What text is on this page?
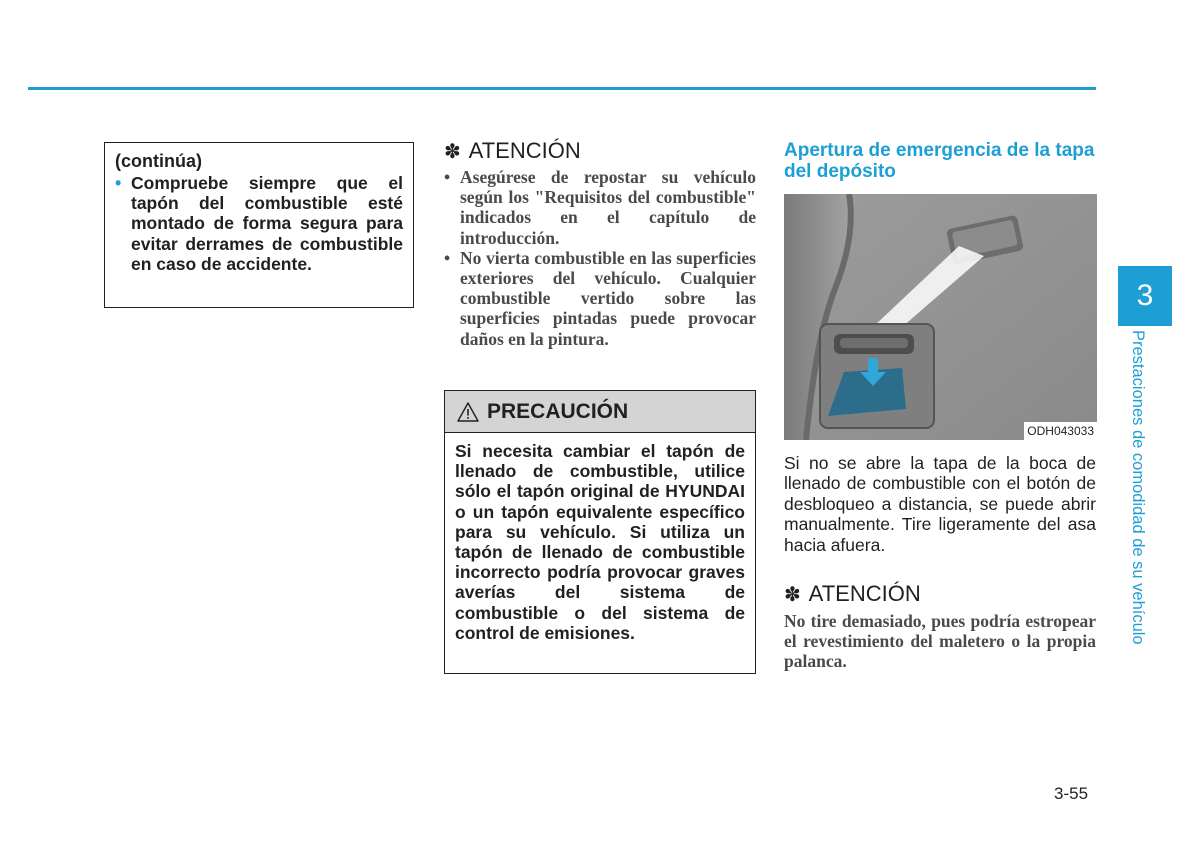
(continúa)
• Compruebe siempre que el tapón del combustible esté montado de forma segura para evitar derrames de combustible en caso de accidente.
✽ ATENCIÓN
• Asegúrese de repostar su vehículo según los "Requisitos del combustible" indicados en el capítulo de introducción.
• No vierta combustible en las superficies exteriores del vehículo. Cualquier combustible vertido sobre las superficies pintadas puede provocar daños en la pintura.
PRECAUCIÓN
Si necesita cambiar el tapón de llenado de combustible, utilice sólo el tapón original de HYUNDAI o un tapón equivalente específico para su vehículo. Si utiliza un tapón de llenado de combustible incorrecto podría provocar graves averías del sistema de combustible o del sistema de control de emisiones.
Apertura de emergencia de la tapa del depósito
ODH043033
Si no se abre la tapa de la boca de llenado de combustible con el botón de desbloqueo a distancia, se puede abrir manualmente. Tire ligeramente del asa hacia afuera.
✽ ATENCIÓN
No tire demasiado, pues podría estropear el revestimiento del maletero o la propia palanca.
3
Prestaciones de comodidad de su vehículo
3-55
